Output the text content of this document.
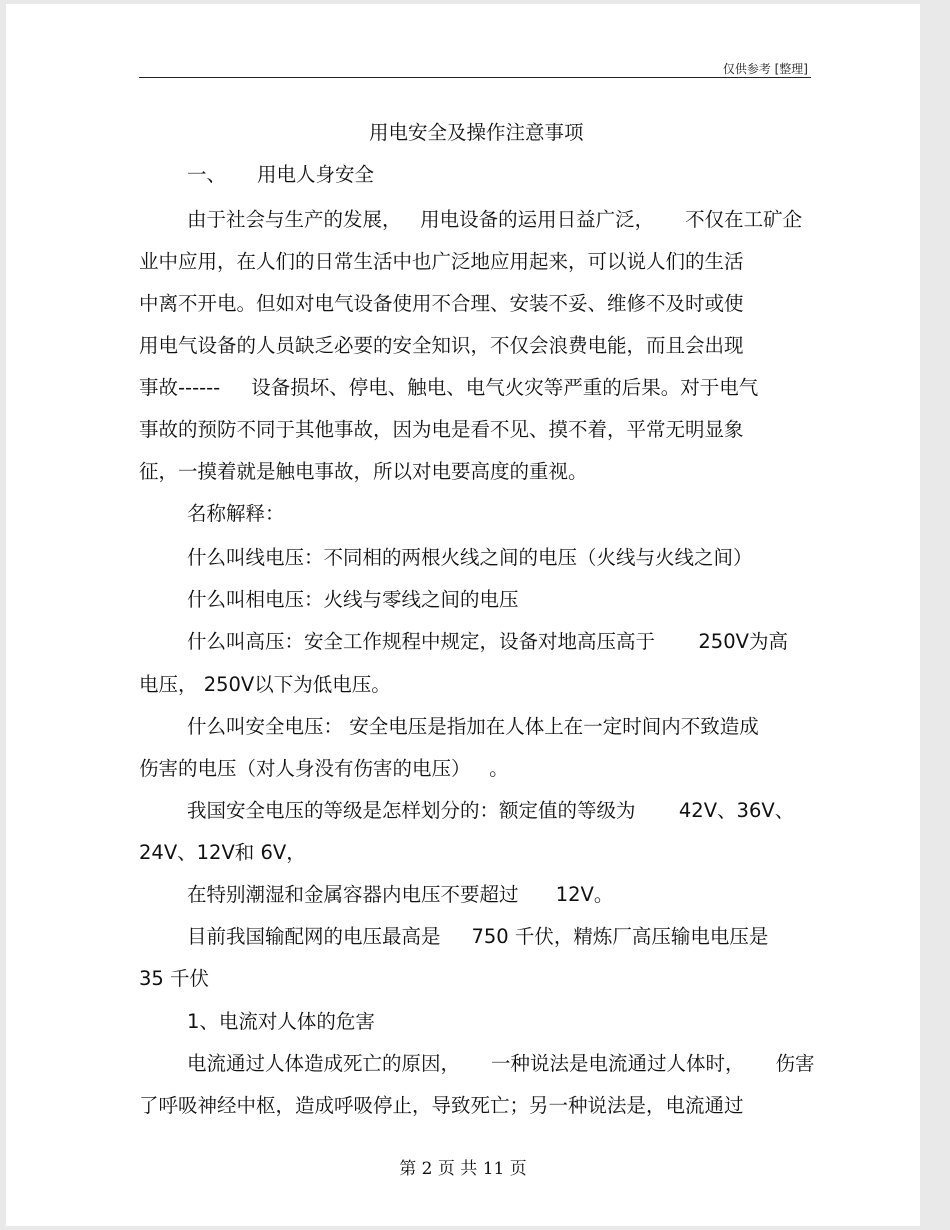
仅供参考 [整理]
用电安全及操作注意事项
一、     用电人身安全
由于社会与生产的发展，   用电设备的运用日益广泛，     不仅在工矿企
业中应用，在人们的日常生活中也广泛地应用起来，可以说人们的生活
中离不开电。但如对电气设备使用不合理、安装不妥、维修不及时或使
用电气设备的人员缺乏必要的安全知识，不仅会浪费电能，而且会出现
事故------     设备损坏、停电、触电、电气火灾等严重的后果。对于电气
事故的预防不同于其他事故，因为电是看不见、摸不着，平常无明显象
征，一摸着就是触电事故，所以对电要高度的重视。
名称解释：
什么叫线电压：不同相的两根火线之间的电压（火线与火线之间）
什么叫相电压：火线与零线之间的电压
什么叫高压：安全工作规程中规定，设备对地高压高于       250V为高
电压， 250V以下为低电压。
什么叫安全电压： 安全电压是指加在人体上在一定时间内不致造成
伤害的电压（对人身没有伤害的电压）   。
我国安全电压的等级是怎样划分的：额定值的等级为       42V、36V、
24V、12V和 6V，
在特别潮湿和金属容器内电压不要超过      12V。
目前我国输配网的电压最高是     750 千伏，精炼厂高压输电电压是
35 千伏
1、电流对人体的危害
电流通过人体造成死亡的原因，     一种说法是电流通过人体时，     伤害
了呼吸神经中枢，造成呼吸停止，导致死亡；另一种说法是，电流通过
第 2 页 共 11 页
